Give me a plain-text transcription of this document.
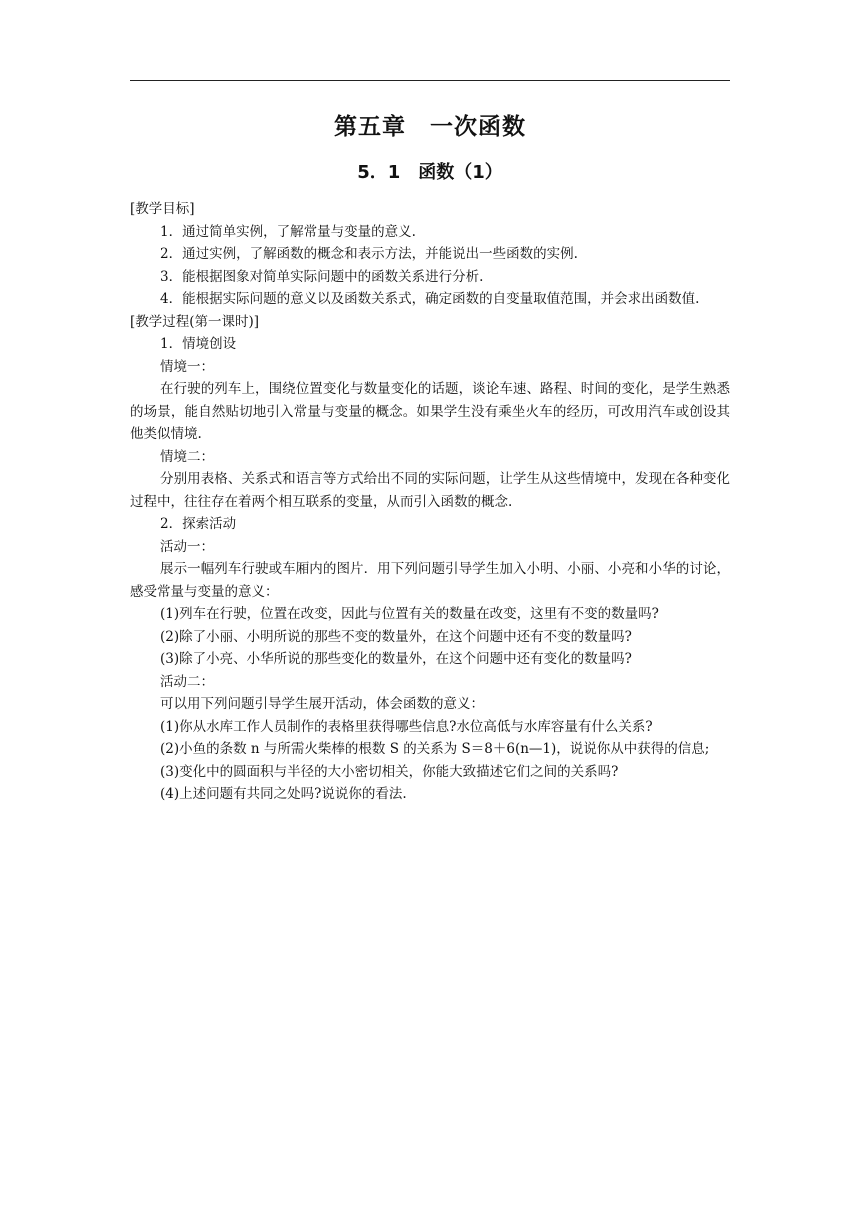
第五章　一次函数
5．1　函数（1）
[教学目标]
1．通过简单实例，了解常量与变量的意义.
2．通过实例，了解函数的概念和表示方法，并能说出一些函数的实例.
3．能根据图象对简单实际问题中的函数关系进行分析.
4．能根据实际问题的意义以及函数关系式，确定函数的自变量取值范围，并会求出函数值.
[教学过程(第一课时)]
1．情境创设
情境一：
在行驶的列车上，围绕位置变化与数量变化的话题，谈论车速、路程、时间的变化，是学生熟悉的场景，能自然贴切地引入常量与变量的概念。如果学生没有乘坐火车的经历，可改用汽车或创设其他类似情境.
情境二：
分别用表格、关系式和语言等方式给出不同的实际问题，让学生从这些情境中，发现在各种变化过程中，往往存在着两个相互联系的变量，从而引入函数的概念.
2．探索活动
活动一：
展示一幅列车行驶或车厢内的图片．用下列问题引导学生加入小明、小丽、小亮和小华的讨论，感受常量与变量的意义：
(1)列车在行驶，位置在改变，因此与位置有关的数量在改变，这里有不变的数量吗?
(2)除了小丽、小明所说的那些不变的数量外，在这个问题中还有不变的数量吗?
(3)除了小亮、小华所说的那些变化的数量外，在这个问题中还有变化的数量吗?
活动二：
可以用下列问题引导学生展开活动，体会函数的意义：
(1)你从水库工作人员制作的表格里获得哪些信息?水位高低与水库容量有什么关系?
(2)小鱼的条数 n 与所需火柴棒的根数 S 的关系为 S＝8＋6(n—1)，说说你从中获得的信息;
(3)变化中的圆面积与半径的大小密切相关，你能大致描述它们之间的关系吗?
(4)上述问题有共同之处吗?说说你的看法.
